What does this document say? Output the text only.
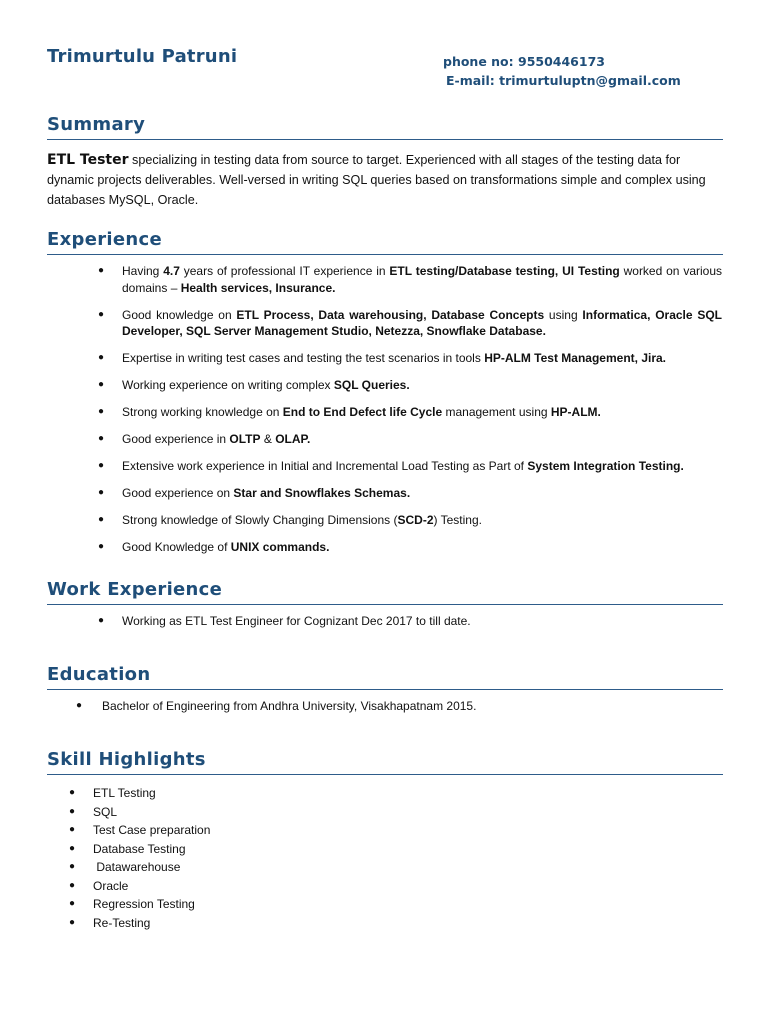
Trimurtulu Patruni	phone no: 9550446173
E-mail: trimurtuluptn@gmail.com
Summary
ETL Tester specializing in testing data from source to target. Experienced with all stages of the testing data for dynamic projects deliverables. Well-versed in writing SQL queries based on transformations simple and complex using databases MySQL, Oracle.
Experience
● Having 4.7 years of professional IT experience in ETL testing/Database testing, UI Testing worked on various domains – Health services, Insurance.
● Good knowledge on ETL Process, Data warehousing, Database Concepts using Informatica, Oracle SQL Developer, SQL Server Management Studio, Netezza, Snowflake Database.
● Expertise in writing test cases and testing the test scenarios in tools HP-ALM Test Management, Jira.
● Working experience on writing complex SQL Queries.
● Strong working knowledge on End to End Defect life Cycle management using HP-ALM.
● Good experience in OLTP & OLAP.
● Extensive work experience in Initial and Incremental Load Testing as Part of System Integration Testing.
● Good experience on Star and Snowflakes Schemas.
● Strong knowledge of Slowly Changing Dimensions (SCD-2) Testing.
● Good Knowledge of UNIX commands.
Work Experience
● Working as ETL Test Engineer for Cognizant Dec 2017 to till date.
Education
● Bachelor of Engineering from Andhra University, Visakhapatnam 2015.
Skill Highlights
● ETL Testing
● SQL
● Test Case preparation
● Database Testing
● Datawarehouse
● Oracle
● Regression Testing
● Re-Testing
